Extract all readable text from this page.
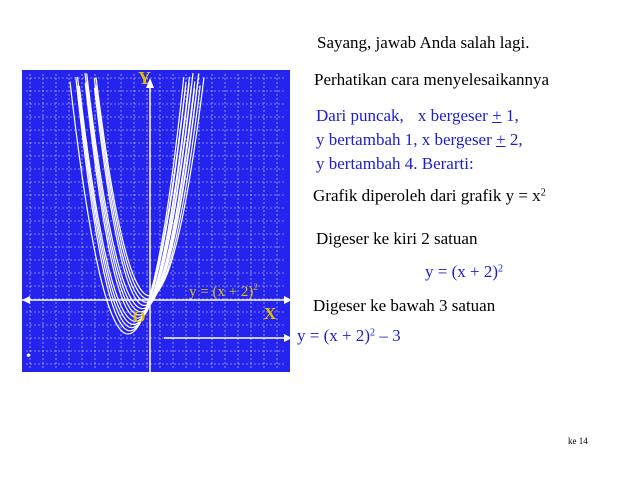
Y
X
O
$y = (x + 2)^2$
•
Sayang, jawab Anda salah lagi.
Perhatikan cara menyelesaikannya
Dari puncak, x bergeser + 1,
y bertambah 1, x bergeser + 2,
y bertambah 4. Berarti:
Grafik diperoleh dari grafik $y = x^2$
Digeser ke kiri 2 satuan
$y = (x + 2)^2$
Digeser ke bawah 3 satuan
$y = (x + 2)^2 - 3$
ke 14
